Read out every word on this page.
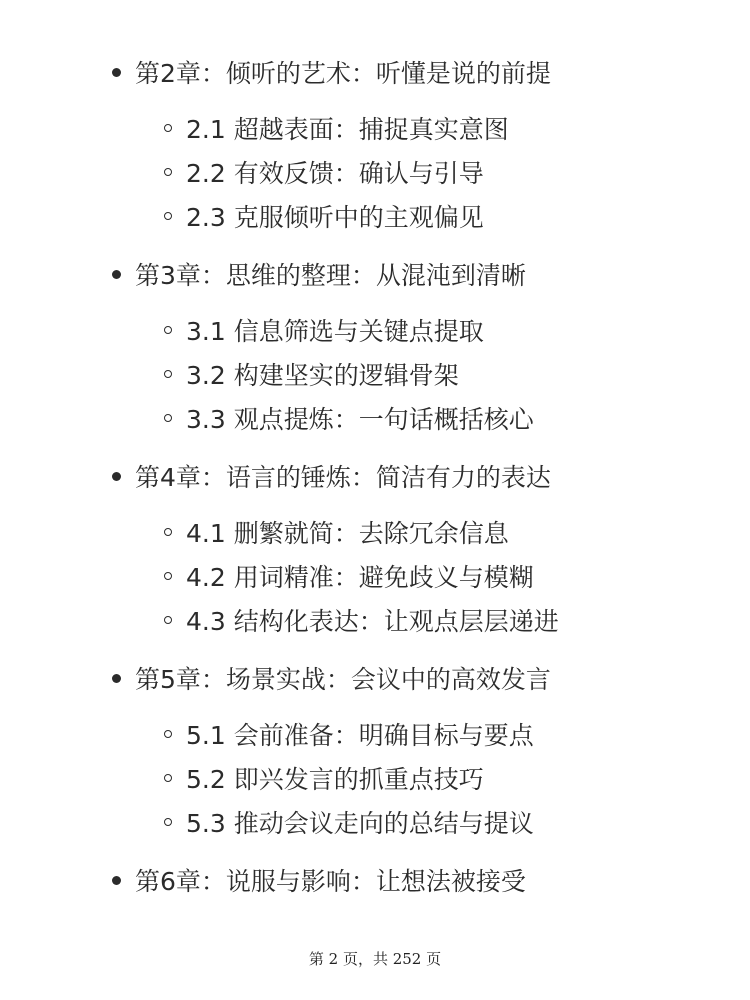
第2章：倾听的艺术：听懂是说的前提
2.1 超越表面：捕捉真实意图
2.2 有效反馈：确认与引导
2.3 克服倾听中的主观偏见
第3章：思维的整理：从混沌到清晰
3.1 信息筛选与关键点提取
3.2 构建坚实的逻辑骨架
3.3 观点提炼：一句话概括核心
第4章：语言的锤炼：简洁有力的表达
4.1 删繁就简：去除冗余信息
4.2 用词精准：避免歧义与模糊
4.3 结构化表达：让观点层层递进
第5章：场景实战：会议中的高效发言
5.1 会前准备：明确目标与要点
5.2 即兴发言的抓重点技巧
5.3 推动会议走向的总结与提议
第6章：说服与影响：让想法被接受
第 2 页，共 252 页
